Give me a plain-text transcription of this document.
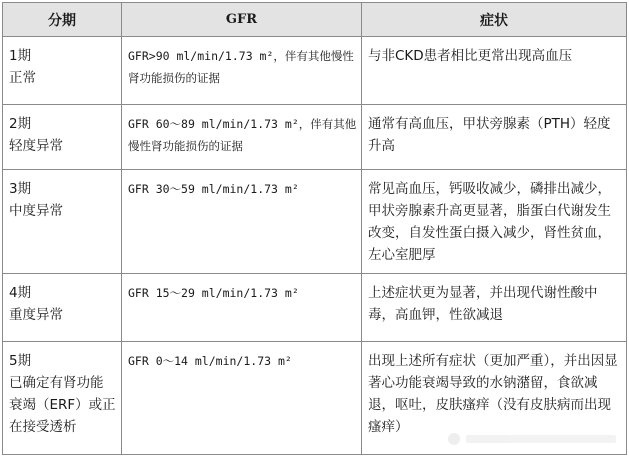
分期	GFR	症状

1期
正常	GFR>90 ml/min/1.73 m²，伴有其他慢性肾功能损伤的证据	与非CKD患者相比更常出现高血压

2期
轻度异常	GFR 60～89 ml/min/1.73 m²，伴有其他慢性肾功能损伤的证据	通常有高血压，甲状旁腺素（PTH）轻度升高

3期
中度异常	GFR 30～59 ml/min/1.73 m²	常见高血压，钙吸收减少，磷排出减少，甲状旁腺素升高更显著，脂蛋白代谢发生改变，自发性蛋白摄入减少，肾性贫血，左心室肥厚

4期
重度异常	GFR 15～29 ml/min/1.73 m²	上述症状更为显著，并出现代谢性酸中毒，高血钾，性欲减退

5期
已确定有肾功能
衰竭（ERF）或正
在接受透析	GFR 0～14 ml/min/1.73 m²	出现上述所有症状（更加严重），并出因显著心功能衰竭导致的水钠潴留，食欲减退，呕吐，皮肤瘙痒（没有皮肤病而出现瘙痒）
